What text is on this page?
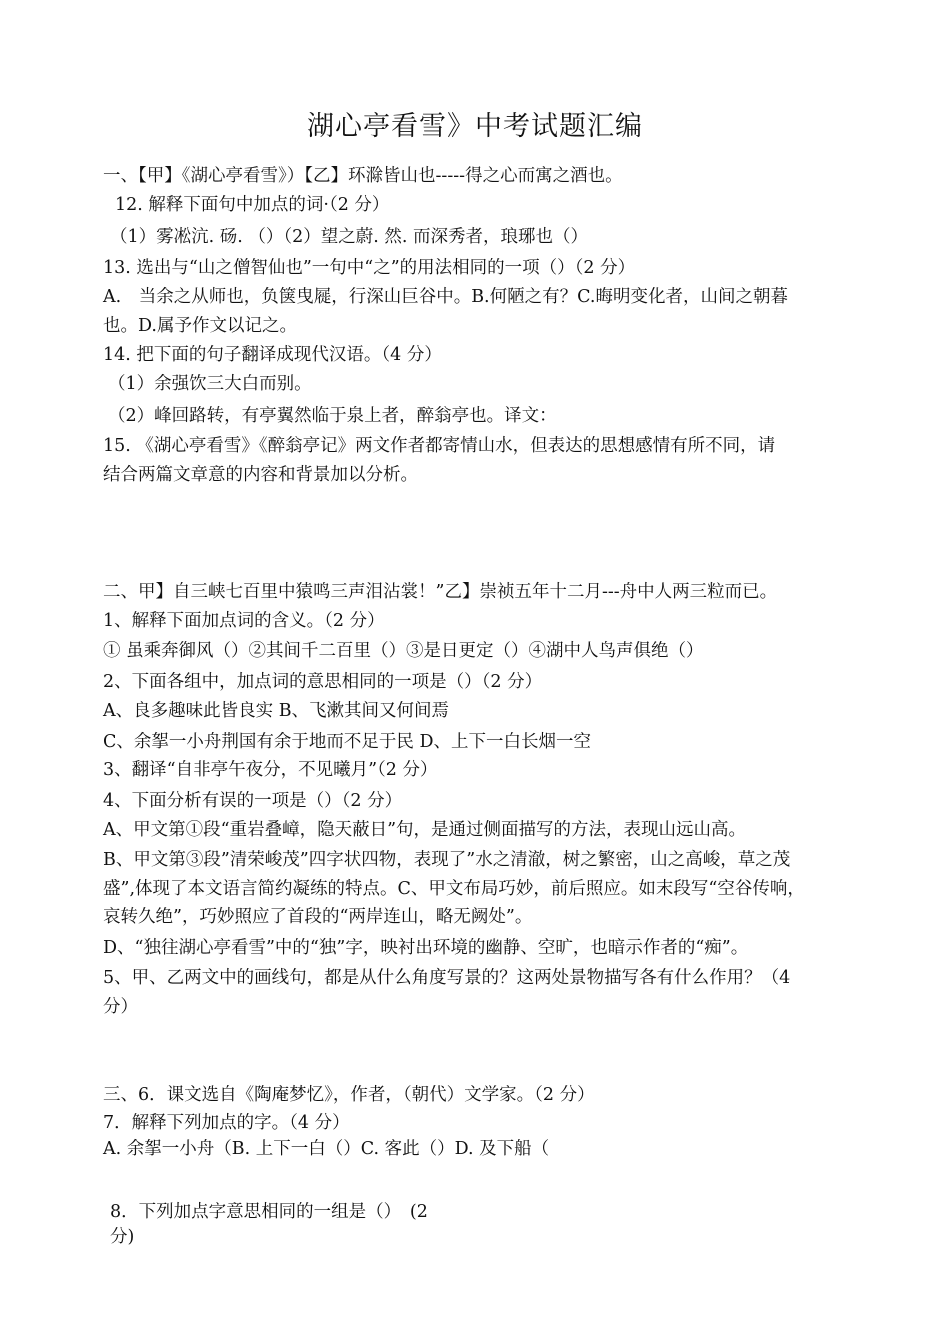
湖心亭看雪》中考试题汇编
一、【甲】《湖心亭看雪》）【乙】环滁皆山也-----得之心而寓之酒也。
12. 解释下面句中加点的词·（2 分）
（1）雾凇沆. 砀. （）（2）望之蔚. 然. 而深秀者，琅琊也（）
13. 选出与“山之僧智仙也”一句中“之”的用法相同的一项（）（2 分）
A.　当余之从师也，负箧曳屣，行深山巨谷中。B.何陋之有？C.晦明变化者，山间之朝暮
也。D.属予作文以记之。
14. 把下面的句子翻译成现代汉语。（4 分）
（1）余强饮三大白而别。
（2）峰回路转，有亭翼然临于泉上者，醉翁亭也。译文：
15. 《湖心亭看雪》《醉翁亭记》两文作者都寄情山水，但表达的思想感情有所不同，请
结合两篇文章意的内容和背景加以分析。
二、甲】自三峡七百里中猿鸣三声泪沾裳！”乙】崇祯五年十二月---舟中人两三粒而已。
1、解释下面加点词的含义。（2 分）
① 虽乘奔御风（）②其间千二百里（）③是日更定（）④湖中人鸟声俱绝（）
2、下面各组中，加点词的意思相同的一项是（）（2 分）
A、良多趣味此皆良实 B、飞漱其间又何间焉
C、余挐一小舟荆国有余于地而不足于民 D、上下一白长烟一空
3、翻译“自非亭午夜分，不见曦月”（2 分）
4、下面分析有误的一项是（）（2 分）
A、甲文第①段“重岩叠嶂，隐天蔽日”句，是通过侧面描写的方法，表现山远山高。
B、甲文第③段”清荣峻茂”四字状四物，表现了”水之清澈，树之繁密，山之高峻，草之茂
盛”,体现了本文语言简约凝练的特点。C、甲文布局巧妙，前后照应。如末段写“空谷传响，
哀转久绝”，巧妙照应了首段的“两岸连山，略无阙处”。
D、“独往湖心亭看雪”中的“独”字，映衬出环境的幽静、空旷，也暗示作者的“痴”。
5、甲、乙两文中的画线句，都是从什么角度写景的？这两处景物描写各有什么作用？（4
分）
三、6．课文选自《陶庵梦忆》，作者，（朝代）文学家。（2 分）
7．解释下列加点的字。（4 分）
A. 余挐一小舟（B. 上下一白（）C. 客此（）D. 及下船（
8．下列加点字意思相同的一组是（）　(2
分)
